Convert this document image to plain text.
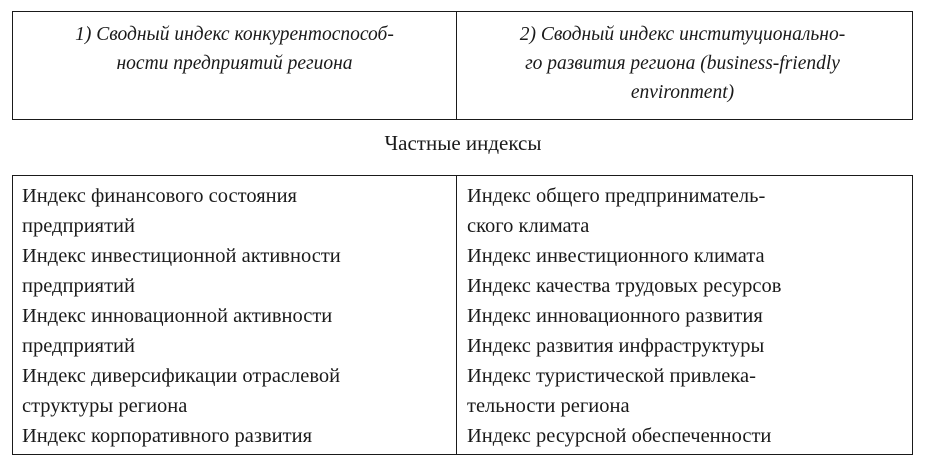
1) Сводный индекс конкурентоспособ-
ности предприятий региона
2) Сводный индекс институционально-
го развития региона (business-friendly
environment)
Частные индексы

Индекс финансового состояния
предприятий

Индекс инвестиционной активности
предприятий

Индекс инновационной активности
предприятий

Индекс диверсификации отраслевой
структуры региона

Индекс корпоративного развития

Индекс общего предприниматель-
ского климата

Индекс инвестиционного климата

Индекс качества трудовых ресурсов

Индекс инновационного развития

Индекс развития инфраструктуры

Индекс туристической привлека-
тельности региона

Индекс ресурсной обеспеченности
